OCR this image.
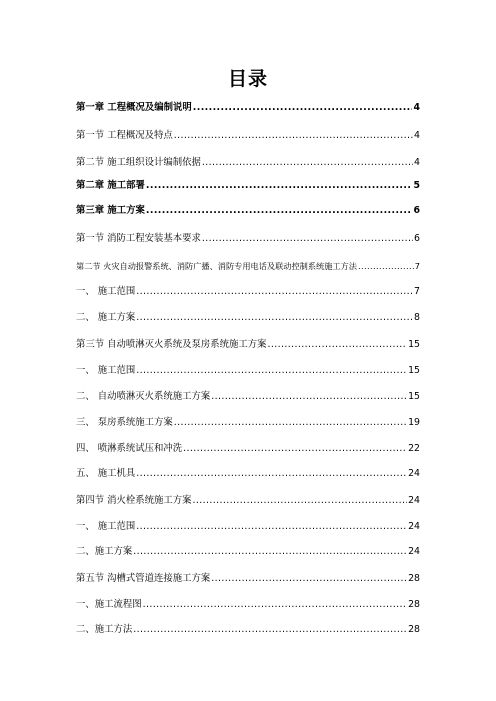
目录
第一章 工程概况及编制说明 .....	4
第一节 工程概况及特点 .....	4
第二节 施工组织设计编制依据 .....	4
第二章 施工部署 .....	5
第三章 施工方案 .....	6
第一节 消防工程安装基本要求 .....	6
第二节 火灾自动报警系统、消防广播、消防专用电话及联动控制系统施工方法 .....	7
一、 施工范围 .....	7
二、 施工方案 .....	8
第三节 自动喷淋灭火系统及泵房系统施工方案 .....	15
一、 施工范围 .....	15
二、 自动喷淋灭火系统施工方案 .....	15
三、 泵房系统施工方案 .....	19
四、 喷淋系统试压和冲洗 .....	22
五、 施工机具 .....	24
第四节 消火栓系统施工方案 .....	24
一、 施工范围 .....	24
二、施工方案 .....	24
第五节 沟槽式管道连接施工方案 .....	28
一、施工流程图 .....	28
二、施工方法 .....	28
